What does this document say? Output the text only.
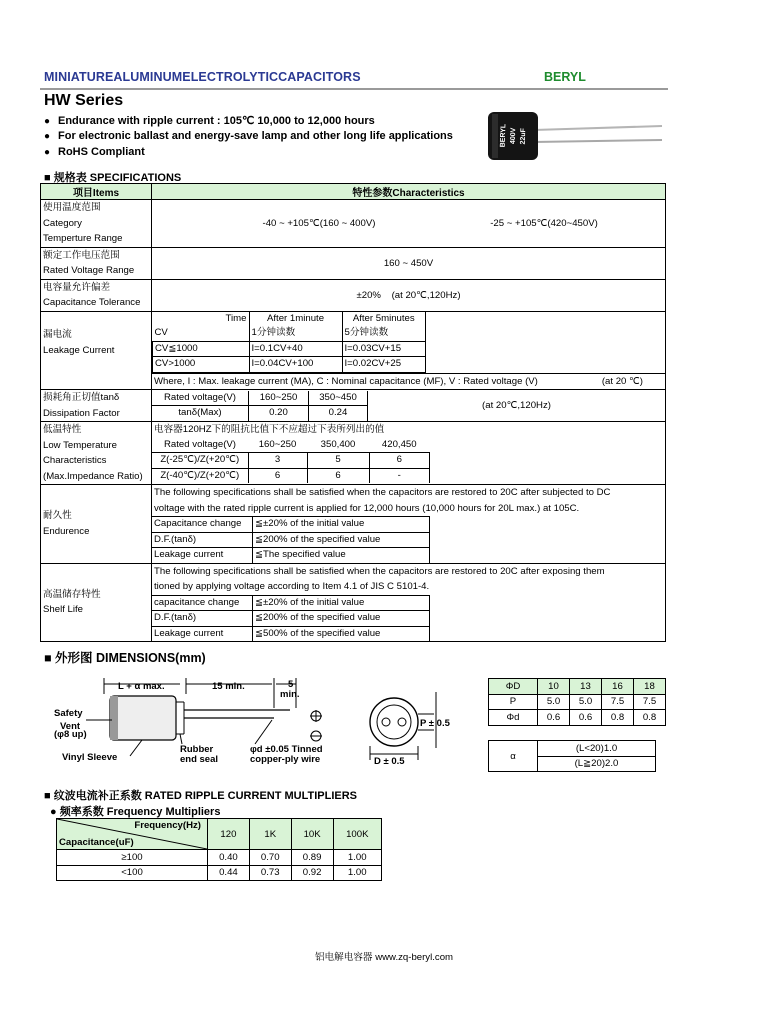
MINIATUREALUMINUMELECTROLYTICCAPACITORS	BERYL
HW Series
● Endurance with ripple current : 105℃ 10,000 to 12,000 hours
● For electronic ballast and energy-save lamp and other long life applications
● RoHS Compliant
BERYL 400V 22uF
■ 规格表 SPECIFICATIONS
项目Items	特性参数Characteristics

使用温度范围
Category
Temperture Range

-40 ~ +105℃(160 ~ 400V)	-25 ~ +105℃(420~450V)

额定工作电压范围
Rated Voltage Range
	160 ~ 450V

电容量允许偏差
Capacitance Tolerance
	±20% (at 20℃,120Hz)

漏电流
Leakage Current

Time	After 1minute	After 5minutes
CV	1分钟读数	5分钟读数
CV≦1000	I=0.1CV+40	I=0.03CV+15
CV>1000	I=0.04CV+100	I=0.02CV+25
Where, I : Max. leakage current (MA), C : Nominal capacitance (MF), V : Rated voltage (V)	(at 20 ℃)

损耗角正切值tanδ
Dissipation Factor

Rated voltage(V)	160~250	350~450
tanδ(Max)	0.20	0.24
(at 20℃,120Hz)

低温特性
Low Temperature
Characteristics
(Max.Impedance Ratio)

电容器120HZ下的阻抗比值下不应超过下表所列出的值
Rated voltage(V)	160~250	350,400	420,450
Z(-25℃)/Z(+20℃)	3	5	6
Z(-40℃)/Z(+20℃)	6	6	-

耐久性
Endurence

The following specifications shall be satisfied when the capacitors are restored to 20C after subjected to DC
voltage with the rated ripple current is applied for 12,000 hours (10,000 hours for 20L max.) at 105C.
Capacitance change	≦±20% of the initial value
D.F.(tanδ)	≦200% of the specified value
Leakage current	≦The specified value

高温储存特性
Shelf Life

The following specifications shall be satisfied when the capacitors are restored to 20C after exposing them
tioned by applying voltage according to Item 4.1 of JIS C 5101-4.
capacitance change	≦±20% of the initial value
D.F.(tanδ)	≦200% of the specified value
Leakage current	≦500% of the specified value
■ 外形图 DIMENSIONS(mm)
L + α max.	15 min.	5
min.
Safety
Vent
(φ8 up)
Vinyl Sleeve
Rubber
end seal
φd ±0.05 Tinned
copper-ply wire
P ± 0.5
D ± 0.5
ΦD	10	13	16	18
P	5.0	5.0	7.5	7.5
Φd	0.6	0.6	0.8	0.8
α	(L<20)1.0
(L≧20)2.0
■ 纹波电流补正系数 RATED RIPPLE CURRENT MULTIPLIERS
● 频率系数 Frequency Multipliers
Frequency(Hz)
Capacitance(uF)	120	1K	10K	100K
≥100	0.40	0.70	0.89	1.00
<100	0.44	0.73	0.92	1.00
铝电解电容器 www.zq-beryl.com
